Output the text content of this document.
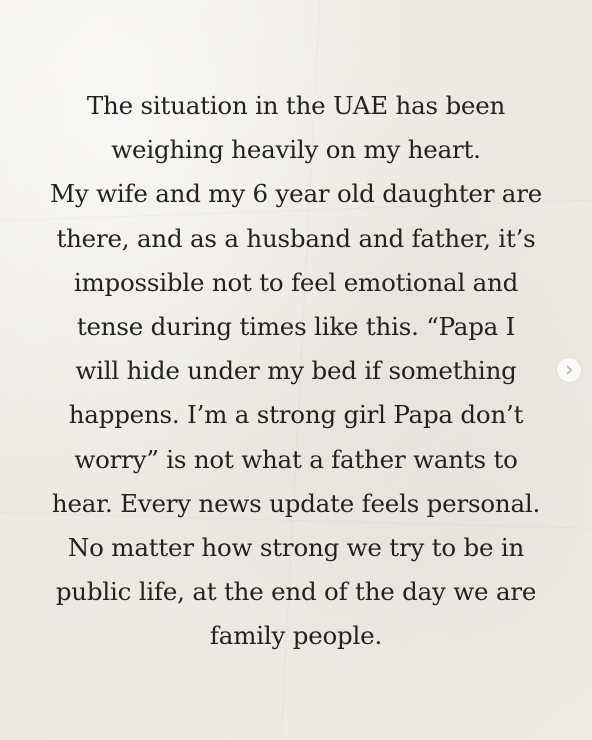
The situation in the UAE has been
weighing heavily on my heart.
My wife and my 6 year old daughter are
there, and as a husband and father, it’s
impossible not to feel emotional and
tense during times like this. “Papa I
will hide under my bed if something
happens. I’m a strong girl Papa don’t
worry” is not what a father wants to
hear. Every news update feels personal.
No matter how strong we try to be in
public life, at the end of the day we are
family people.
